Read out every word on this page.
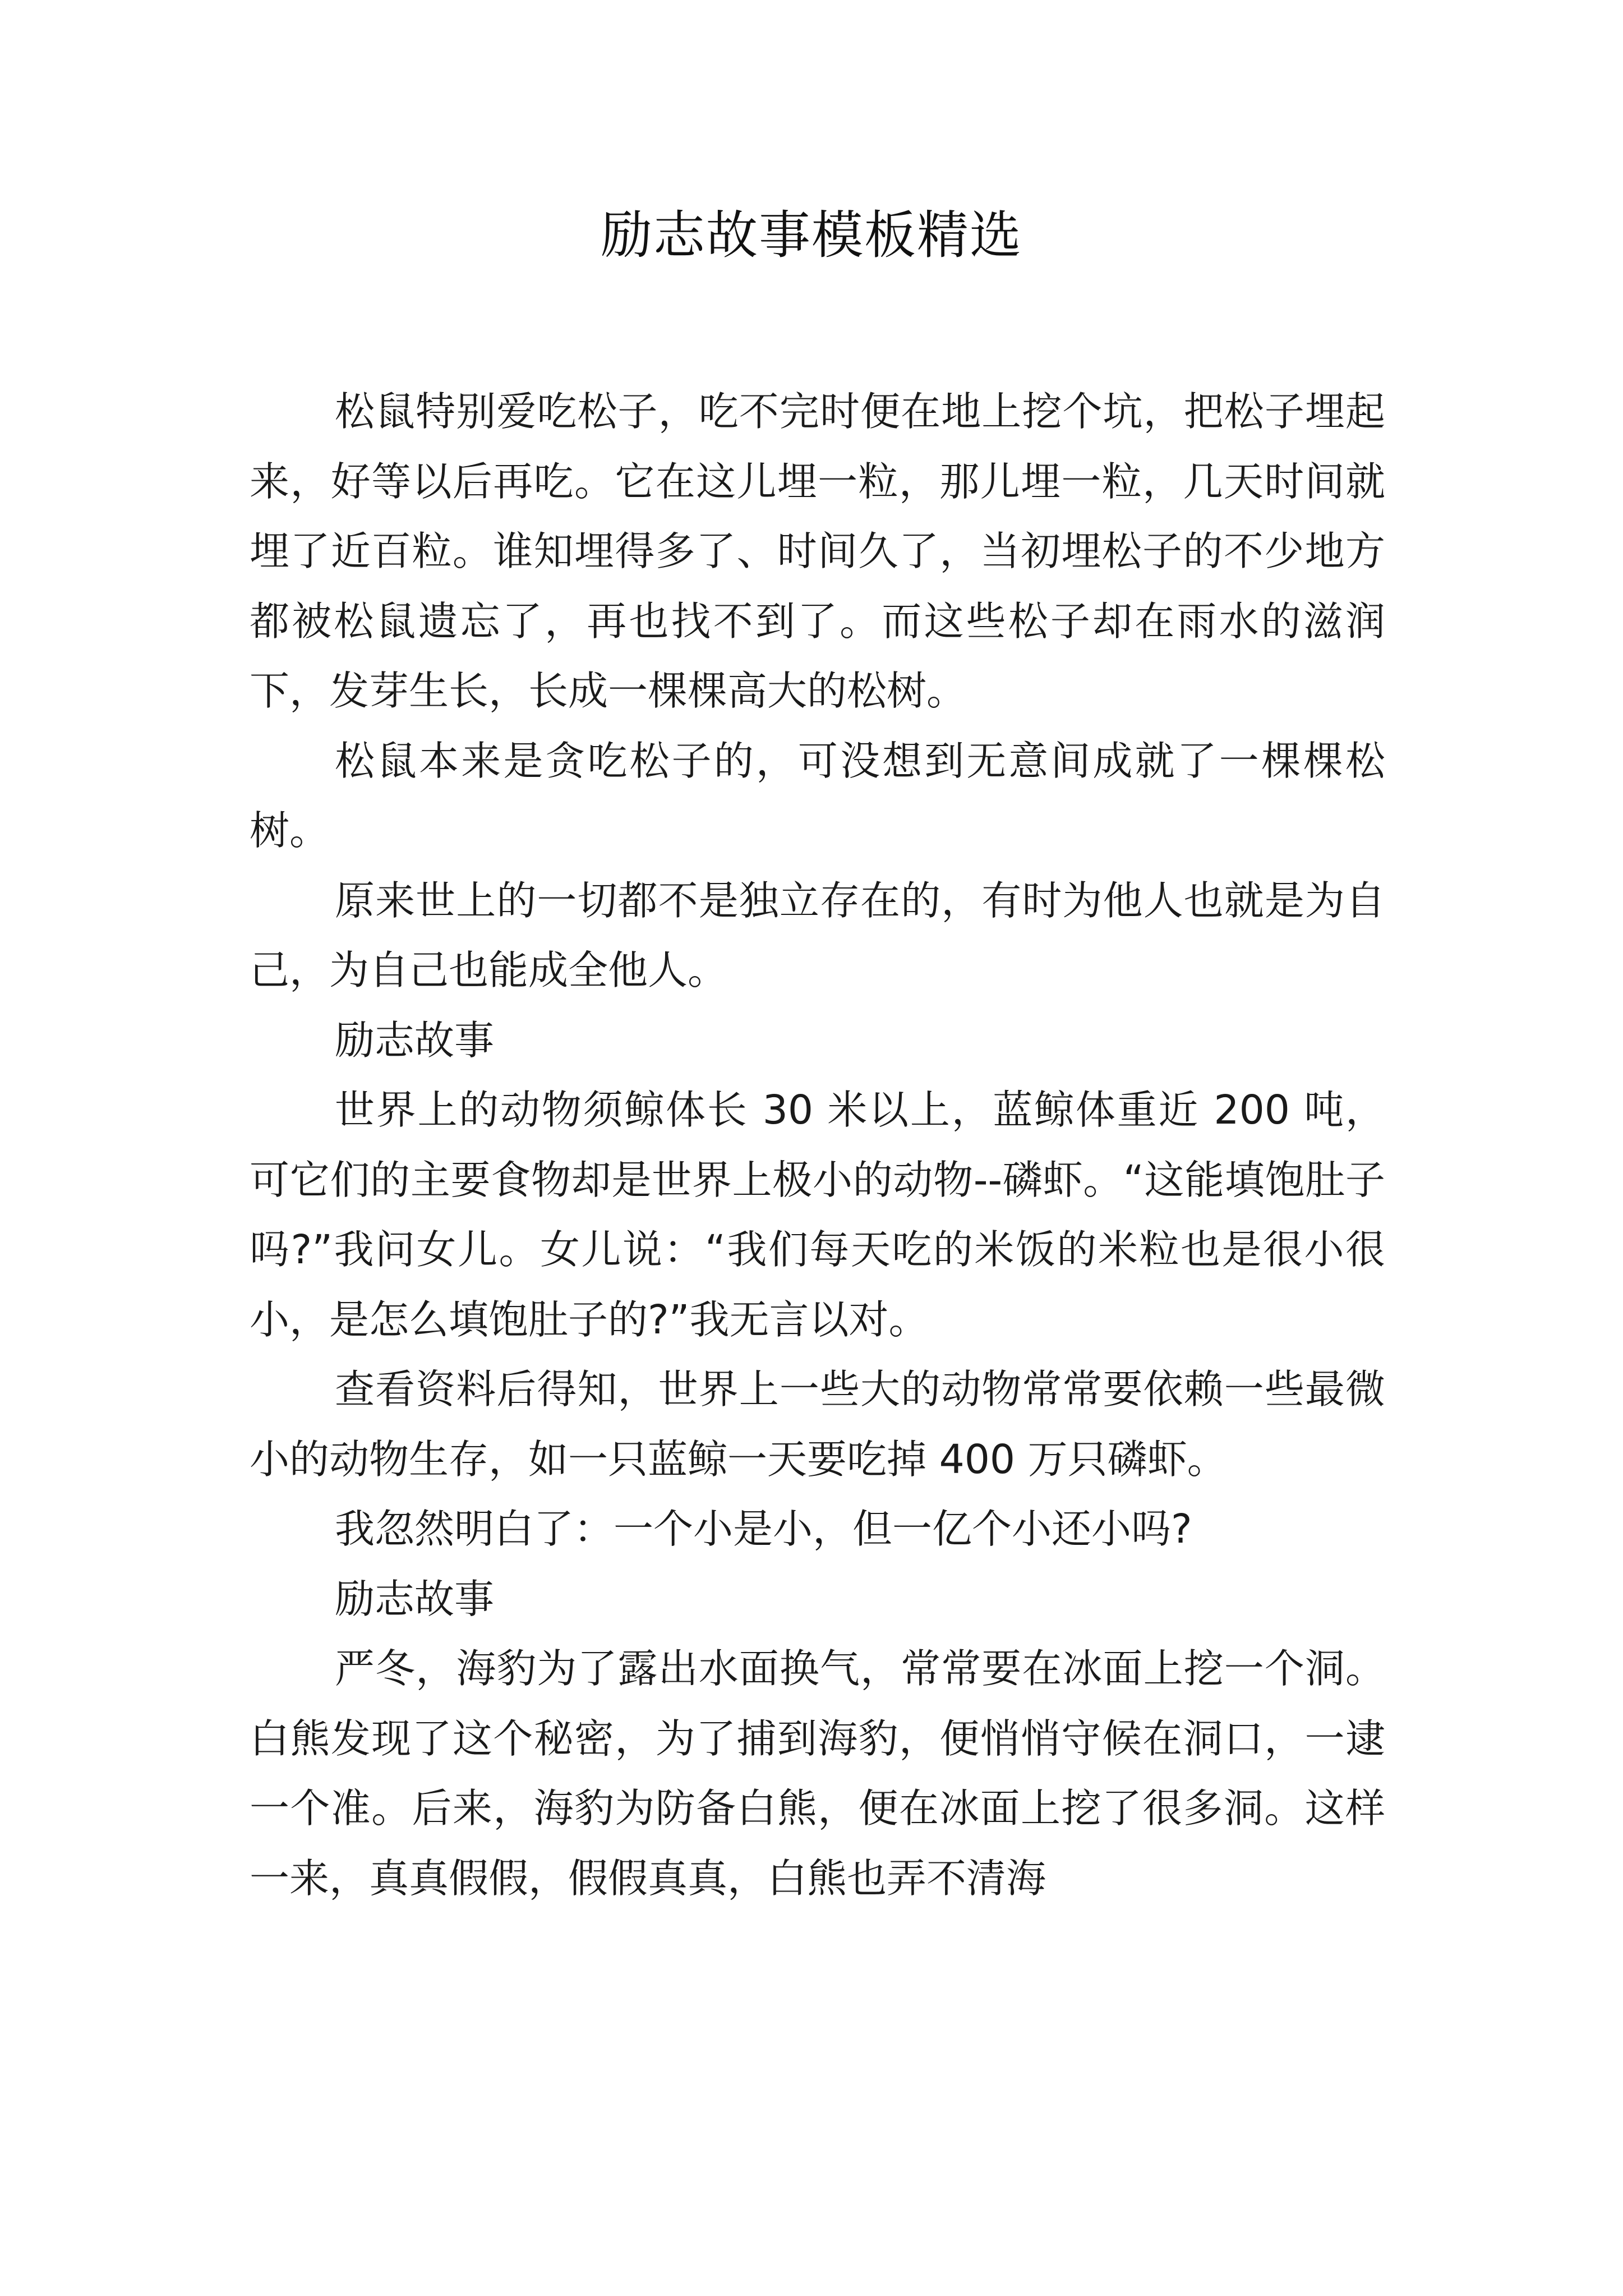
励志故事模板精选

松鼠特别爱吃松子，吃不完时便在地上挖个坑，把松子埋起来，好等以后再吃。它在这儿埋一粒，那儿埋一粒，几天时间就埋了近百粒。谁知埋得多了、时间久了，当初埋松子的不少地方都被松鼠遗忘了，再也找不到了。而这些松子却在雨水的滋润下，发芽生长，长成一棵棵高大的松树。

松鼠本来是贪吃松子的，可没想到无意间成就了一棵棵松树。

原来世上的一切都不是独立存在的，有时为他人也就是为自己，为自己也能成全他人。

励志故事

世界上的动物须鲸体长 30 米以上，蓝鲸体重近 200 吨，可它们的主要食物却是世界上极小的动物--磷虾。“这能填饱肚子吗?”我问女儿。女儿说：“我们每天吃的米饭的米粒也是很小很小，是怎么填饱肚子的?”我无言以对。

查看资料后得知，世界上一些大的动物常常要依赖一些最微小的动物生存，如一只蓝鲸一天要吃掉 400 万只磷虾。

我忽然明白了：一个小是小，但一亿个小还小吗?

励志故事

严冬，海豹为了露出水面换气，常常要在冰面上挖一个洞。白熊发现了这个秘密，为了捕到海豹，便悄悄守候在洞口，一逮一个准。后来，海豹为防备白熊，便在冰面上挖了很多洞。这样一来，真真假假，假假真真，白熊也弄不清海
